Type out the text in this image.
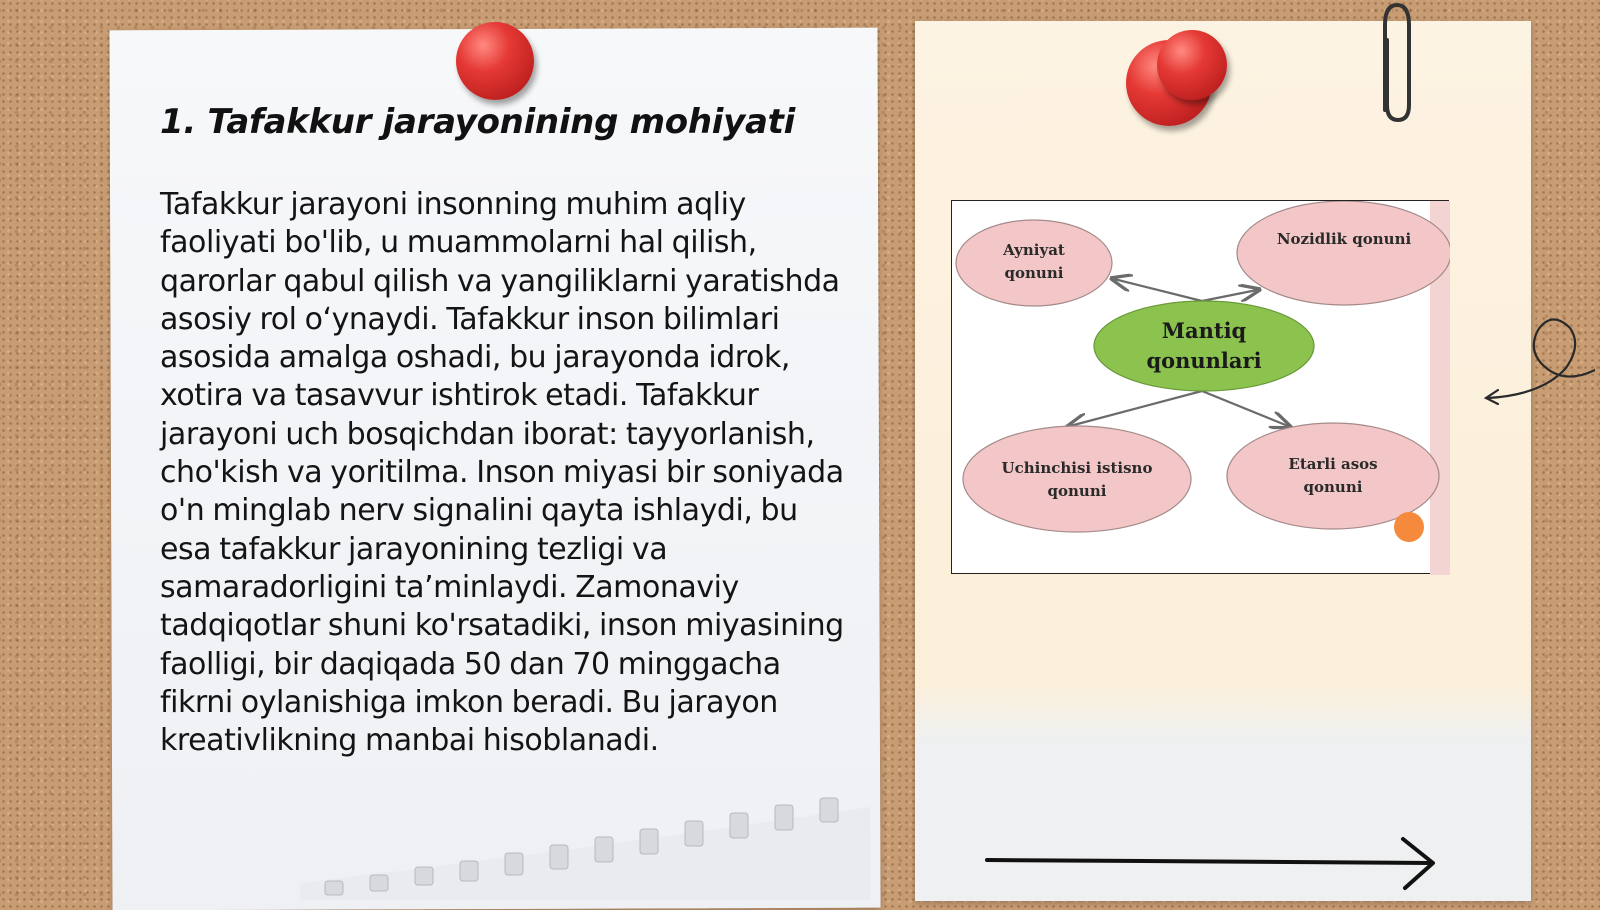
1. Tafakkur jarayonining mohiyati

Tafakkur jarayoni insonning muhim aqliy faoliyati bo'lib, u muammolarni hal qilish, qarorlar qabul qilish va yangiliklarni yaratishda asosiy rol o‘ynaydi. Tafakkur inson bilimlari asosida amalga oshadi, bu jarayonda idrok, xotira va tasavvur ishtirok etadi. Tafakkur jarayoni uch bosqichdan iborat: tayyorlanish, cho'kish va yoritilma. Inson miyasi bir soniyada o'n minglab nerv signalini qayta ishlaydi, bu esa tafakkur jarayonining tezligi va samaradorligini ta’minlaydi. Zamonaviy tadqiqotlar shuni ko'rsatadiki, inson miyasining faolligi, bir daqiqada 50 dan 70 minggacha fikrni oylanishiga imkon beradi. Bu jarayon kreativlikning manbai hisoblanadi.

Ayniyat
qonuni
Nozidlik qonuni
Mantiq
qonunlari
Uchinchisi istisno
qonuni
Etarli asos
qonuni
